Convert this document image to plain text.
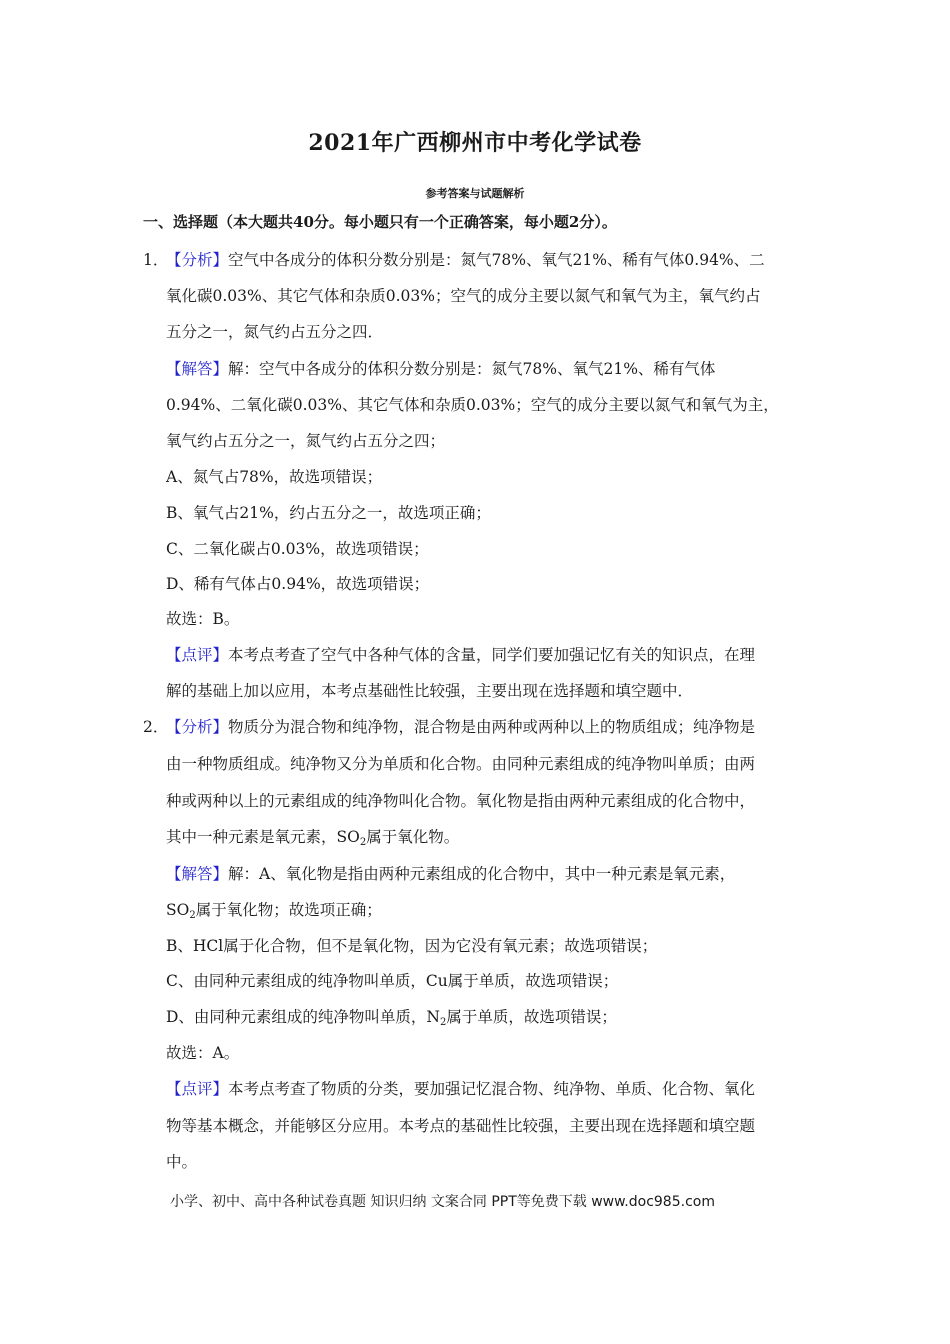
2021年广西柳州市中考化学试卷
参考答案与试题解析
一、选择题（本大题共40分。每小题只有一个正确答案，每小题2分）。
1．
【分析】空气中各成分的体积分数分别是：氮气78%、氧气21%、稀有气体0.94%、二
氧化碳0.03%、其它气体和杂质0.03%；空气的成分主要以氮气和氧气为主，氧气约占
五分之一，氮气约占五分之四．
【解答】解：空气中各成分的体积分数分别是：氮气78%、氧气21%、稀有气体
0.94%、二氧化碳0.03%、其它气体和杂质0.03%；空气的成分主要以氮气和氧气为主，
氧气约占五分之一，氮气约占五分之四；
A、氮气占78%，故选项错误；
B、氧气占21%，约占五分之一，故选项正确；
C、二氧化碳占0.03%，故选项错误；
D、稀有气体占0.94%，故选项错误；
故选：B。
【点评】本考点考查了空气中各种气体的含量，同学们要加强记忆有关的知识点，在理
解的基础上加以应用，本考点基础性比较强，主要出现在选择题和填空题中．
2．
【分析】物质分为混合物和纯净物，混合物是由两种或两种以上的物质组成；纯净物是
由一种物质组成。纯净物又分为单质和化合物。由同种元素组成的纯净物叫单质；由两
种或两种以上的元素组成的纯净物叫化合物。氧化物是指由两种元素组成的化合物中，
其中一种元素是氧元素，$SO_2$属于氧化物。
【解答】解：A、氧化物是指由两种元素组成的化合物中，其中一种元素是氧元素，
$SO_2$属于氧化物；故选项正确；
B、HCl属于化合物，但不是氧化物，因为它没有氧元素；故选项错误；
C、由同种元素组成的纯净物叫单质，Cu属于单质，故选项错误；
D、由同种元素组成的纯净物叫单质，$N_2$属于单质，故选项错误；
故选：A。
【点评】本考点考查了物质的分类，要加强记忆混合物、纯净物、单质、化合物、氧化
物等基本概念，并能够区分应用。本考点的基础性比较强，主要出现在选择题和填空题
中。
小学、初中、高中各种试卷真题 知识归纳 文案合同 PPT等免费下载 www.doc985.com
